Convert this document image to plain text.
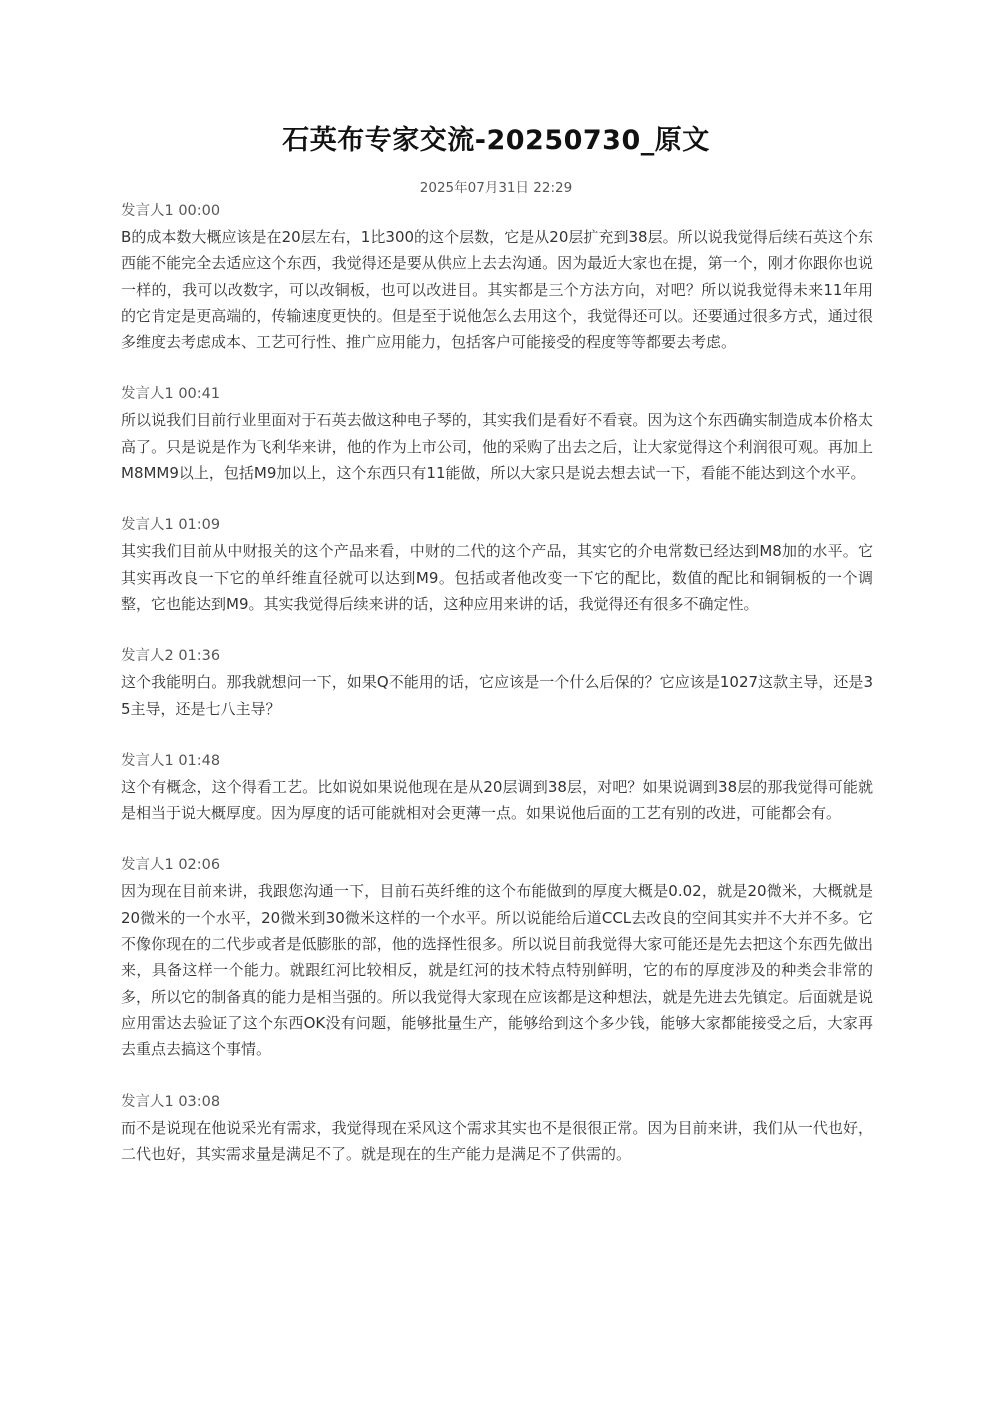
石英布专家交流-20250730_原文
2025年07月31日 22:29
发言人1 00:00
B的成本数大概应该是在20层左右，1比300的这个层数，它是从20层扩充到38层。所以说我觉得后续石英这个东西能不能完全去适应这个东西，我觉得还是要从供应上去去沟通。因为最近大家也在提，第一个，刚才你跟你也说一样的，我可以改数字，可以改铜板，也可以改进目。其实都是三个方法方向，对吧？所以说我觉得未来11年用的它肯定是更高端的，传输速度更快的。但是至于说他怎么去用这个，我觉得还可以。还要通过很多方式，通过很多维度去考虑成本、工艺可行性、推广应用能力，包括客户可能接受的程度等等都要去考虑。
发言人1 00:41
所以说我们目前行业里面对于石英去做这种电子琴的，其实我们是看好不看衰。因为这个东西确实制造成本价格太高了。只是说是作为飞利华来讲，他的作为上市公司，他的采购了出去之后，让大家觉得这个利润很可观。再加上M8MM9以上，包括M9加以上，这个东西只有11能做，所以大家只是说去想去试一下，看能不能达到这个水平。
发言人1 01:09
其实我们目前从中财报关的这个产品来看，中财的二代的这个产品，其实它的介电常数已经达到M8加的水平。它其实再改良一下它的单纤维直径就可以达到M9。包括或者他改变一下它的配比，数值的配比和铜铜板的一个调整，它也能达到M9。其实我觉得后续来讲的话，这种应用来讲的话，我觉得还有很多不确定性。
发言人2 01:36
这个我能明白。那我就想问一下，如果Q不能用的话，它应该是一个什么后保的？它应该是1027这款主导，还是35主导，还是七八主导？
发言人1 01:48
这个有概念，这个得看工艺。比如说如果说他现在是从20层调到38层，对吧？如果说调到38层的那我觉得可能就是相当于说大概厚度。因为厚度的话可能就相对会更薄一点。如果说他后面的工艺有别的改进，可能都会有。
发言人1 02:06
因为现在目前来讲，我跟您沟通一下，目前石英纤维的这个布能做到的厚度大概是0.02，就是20微米，大概就是20微米的一个水平，20微米到30微米这样的一个水平。所以说能给后道CCL去改良的空间其实并不大并不多。它不像你现在的二代步或者是低膨胀的部，他的选择性很多。所以说目前我觉得大家可能还是先去把这个东西先做出来，具备这样一个能力。就跟红河比较相反，就是红河的技术特点特别鲜明，它的布的厚度涉及的种类会非常的多，所以它的制备真的能力是相当强的。所以我觉得大家现在应该都是这种想法，就是先进去先镇定。后面就是说应用雷达去验证了这个东西OK没有问题，能够批量生产，能够给到这个多少钱，能够大家都能接受之后，大家再去重点去搞这个事情。
发言人1 03:08
而不是说现在他说采光有需求，我觉得现在采风这个需求其实也不是很很正常。因为目前来讲，我们从一代也好，二代也好，其实需求量是满足不了。就是现在的生产能力是满足不了供需的。
